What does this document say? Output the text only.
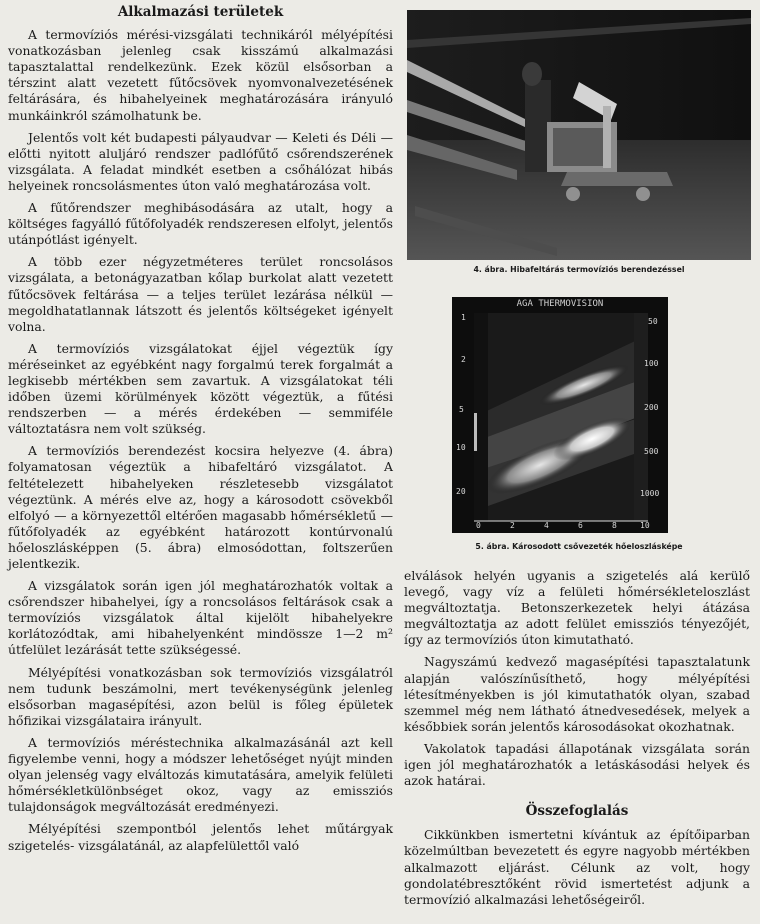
Alkalmazási területek

A termovíziós mérési-vizsgálati technikáról mélyépítési vonatkozásban jelenleg csak kisszámú alkalmazási tapasztalattal rendelkezünk. Ezek közül elsősorban a térszint alatt vezetett fűtőcsövek nyomvonalvezetésének feltárására, és hibahelyeinek meghatározására irányuló munkáinkról számolhatunk be.

Jelentős volt két budapesti pályaudvar — Keleti és Déli — előtti nyitott aluljáró rendszer padlófűtő csőrendszerének vizsgálata. A feladat mindkét esetben a csőhálózat hibás helyeinek roncsolásmentes úton való meghatározása volt.

A fűtőrendszer meghibásodására az utalt, hogy a költséges fagyálló fűtőfolyadék rendszeresen elfolyt, jelentős utánpótlást igényelt.

A több ezer négyzetméteres terület roncsolásos vizsgálata, a betonágyazatban kőlap burkolat alatt vezetett fűtőcsövek feltárása — a teljes terület lezárása nélkül — megoldhatatlannak látszott és jelentős költségeket igényelt volna.

A termovíziós vizsgálatokat éjjel végeztük így méréseinket az egyébként nagy forgalmú terek forgalmát a legkisebb mértékben sem zavartuk. A vizsgálatokat téli időben üzemi körülmények között végeztük, a fűtési rendszerben — a mérés érdekében — semmiféle változtatásra nem volt szükség.

A termovíziós berendezést kocsira helyezve (4. ábra) folyamatosan végeztük a hibafeltáró vizsgálatot. A feltételezett hibahelyeken részletesebb vizsgálatot végeztünk. A mérés elve az, hogy a károsodott csövekből elfolyó — a környezettől eltérően magasabb hőmérsékletű — fűtőfolyadék az egyébként határozott kontúrvonalú hőeloszlásképpen (5. ábra) elmosódottan, foltszerűen jelentkezik.

A vizsgálatok során igen jól meghatározhatók voltak a csőrendszer hibahelyei, így a roncsolásos feltárások csak a termovíziós vizsgálatok által kijelölt hibahelyekre korlátozódtak, ami hibahelyenként mindössze 1—2 m² útfelület lezárását tette szükségessé.

Mélyépítési vonatkozásban sok termovíziós vizsgálatról nem tudunk beszámolni, mert tevékenységünk jelenleg elsősorban magasépítési, azon belül is főleg épületek hőfizikai vizsgálataira irányult.

A termovíziós méréstechnika alkalmazásánál azt kell figyelembe venni, hogy a módszer lehetőséget nyújt minden olyan jelenség vagy elváltozás kimutatására, amelyik felületi hőmérsékletkülönbséget okoz, vagy az emissziós tulajdonságok megváltozását eredményezi.

Mélyépítési szempontból jelentős lehet műtárgyak szigetelés- vizsgálatánál, az alapfelülettől való

4. ábra. Hibafeltárás termovíziós berendezéssel
AGA THERMOVISION
1
2
5
10
20
50
100
200
500
1000
0	2	4	6	8	10
5. ábra. Károsodott csővezeték hőeloszlásképe

elválások helyén ugyanis a szigetelés alá kerülő levegő, vagy víz a felületi hőmérsékleteloszlást megváltoztatja. Betonszerkezetek helyi átázása megváltoztatja az adott felület emissziós tényezőjét, így az termovíziós úton kimutatható.

Nagyszámú kedvező magasépítési tapasztalatunk alapján valószínűsíthető, hogy mélyépítési létesítményekben is jól kimutathatók olyan, szabad szemmel még nem látható átnedvesedések, melyek a későbbiek során jelentős károsodásokat okozhatnak.

Vakolatok tapadási állapotának vizsgálata során igen jól meghatározhatók a letáskásodási helyek és azok határai.

Összefoglalás

Cikkünkben ismertetni kívántuk az építőiparban közelmúltban bevezetett és egyre nagyobb mértékben alkalmazott eljárást. Célunk az volt, hogy gondolatébresztőként rövid ismertetést adjunk a termovízió alkalmazási lehetőségeiről.
